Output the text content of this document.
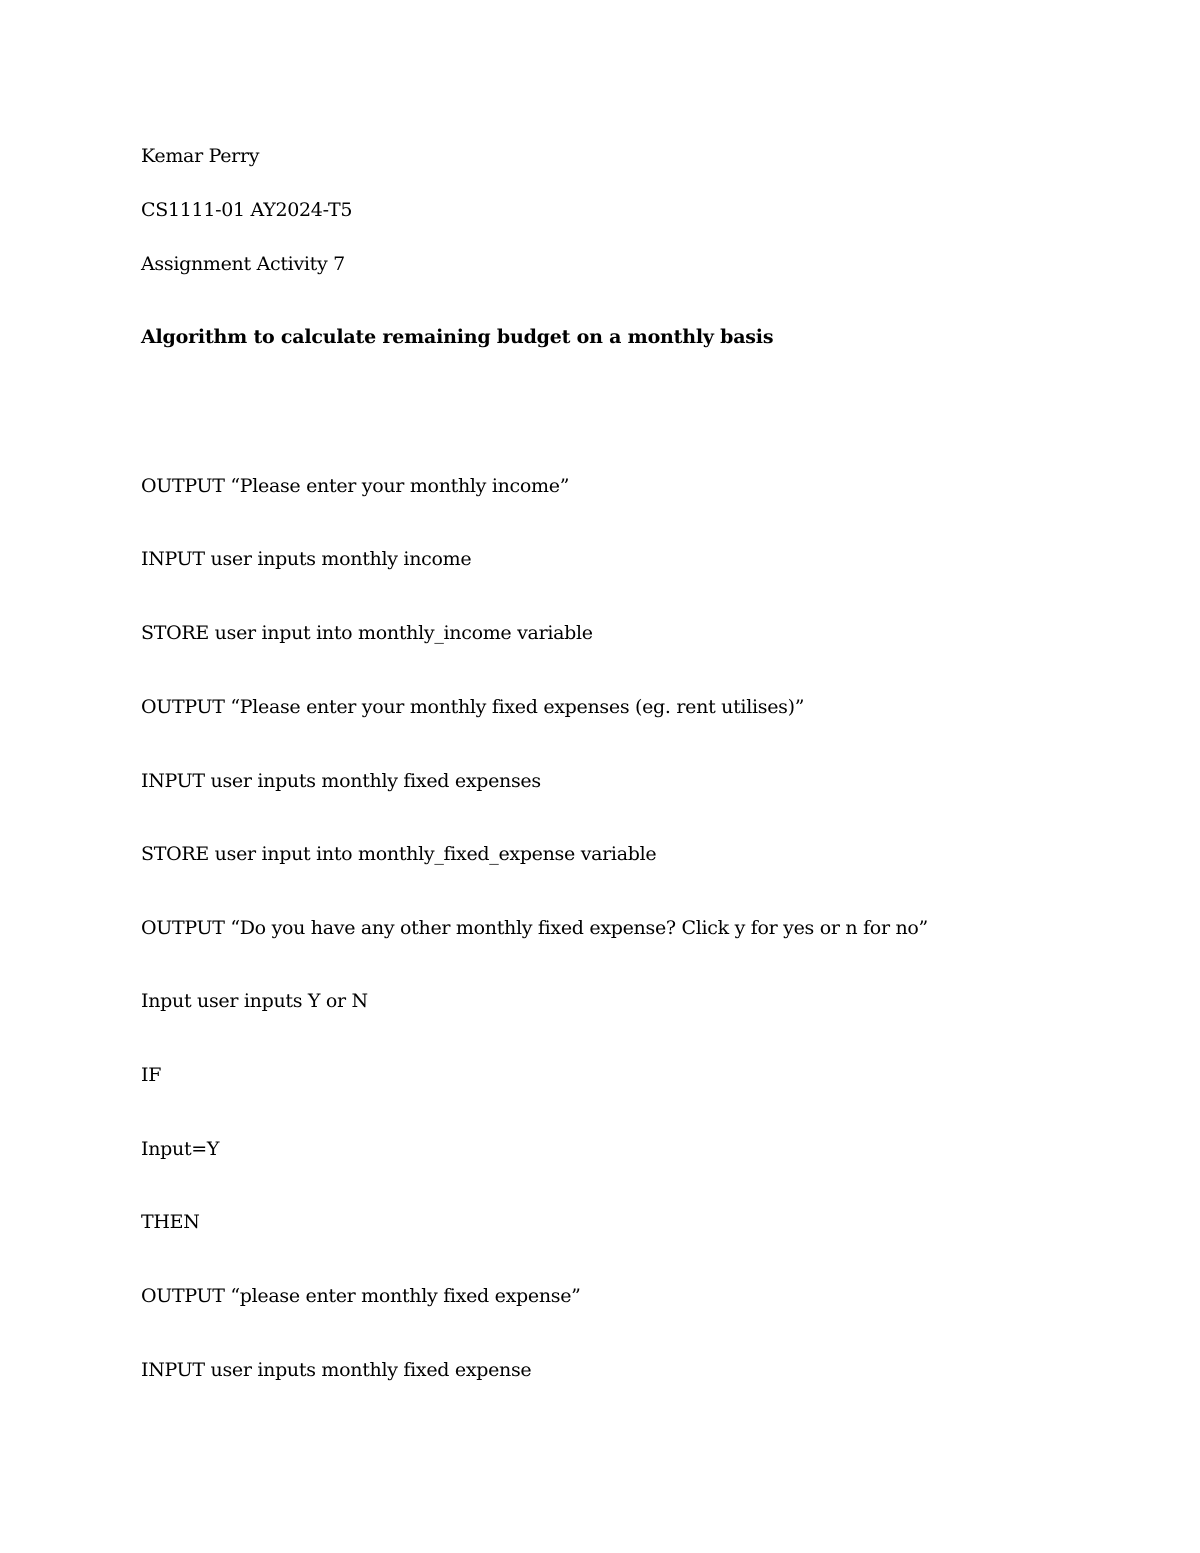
Kemar Perry

CS1111-01 AY2024-T5

Assignment Activity 7

Algorithm to calculate remaining budget on a monthly basis

OUTPUT “Please enter your monthly income”

INPUT user inputs monthly income

STORE user input into monthly_income variable

OUTPUT “Please enter your monthly fixed expenses (eg. rent utilises)”

INPUT user inputs monthly fixed expenses

STORE user input into monthly_fixed_expense variable

OUTPUT “Do you have any other monthly fixed expense? Click y for yes or n for no”

Input user inputs Y or N

IF

Input=Y

THEN

OUTPUT “please enter monthly fixed expense”

INPUT user inputs monthly fixed expense
